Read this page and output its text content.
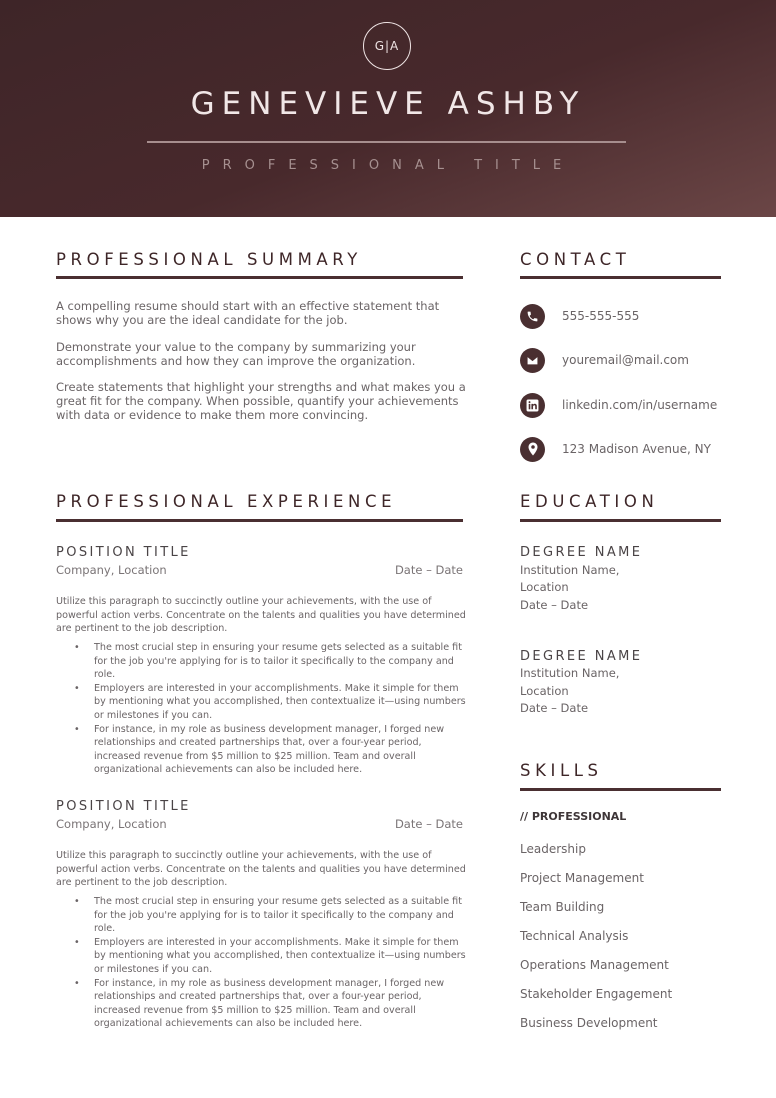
G|A
GENEVIEVE ASHBY
PROFESSIONAL TITLE
PROFESSIONAL SUMMARY

A compelling resume should start with an effective statement that shows why you are the ideal candidate for the job.

Demonstrate your value to the company by summarizing your accomplishments and how they can improve the organization.

Create statements that highlight your strengths and what makes you a great fit for the company. When possible, quantify your achievements with data or evidence to make them more convincing.

CONTACT
555-555-555
youremail@mail.com
linkedin.com/in/username
123 Madison Avenue, NY
PROFESSIONAL EXPERIENCE
POSITION TITLE
Company, Location	Date – Date

Utilize this paragraph to succinctly outline your achievements, with the use of powerful action verbs. Concentrate on the talents and qualities you have determined are pertinent to the job description.

• The most crucial step in ensuring your resume gets selected as a suitable fit for the job you're applying for is to tailor it specifically to the company and role.
• Employers are interested in your accomplishments. Make it simple for them by mentioning what you accomplished, then contextualize it—using numbers or milestones if you can.
• For instance, in my role as business development manager, I forged new relationships and created partnerships that, over a four-year period, increased revenue from $5 million to $25 million. Team and overall organizational achievements can also be included here.
POSITION TITLE
Company, Location	Date – Date

Utilize this paragraph to succinctly outline your achievements, with the use of powerful action verbs. Concentrate on the talents and qualities you have determined are pertinent to the job description.

• The most crucial step in ensuring your resume gets selected as a suitable fit for the job you're applying for is to tailor it specifically to the company and role.
• Employers are interested in your accomplishments. Make it simple for them by mentioning what you accomplished, then contextualize it—using numbers or milestones if you can.
• For instance, in my role as business development manager, I forged new relationships and created partnerships that, over a four-year period, increased revenue from $5 million to $25 million. Team and overall organizational achievements can also be included here.
EDUCATION
DEGREE NAME
Institution Name,
Location
Date – Date
DEGREE NAME
Institution Name,
Location
Date – Date
SKILLS
// PROFESSIONAL
Leadership
Project Management
Team Building
Technical Analysis
Operations Management
Stakeholder Engagement
Business Development
